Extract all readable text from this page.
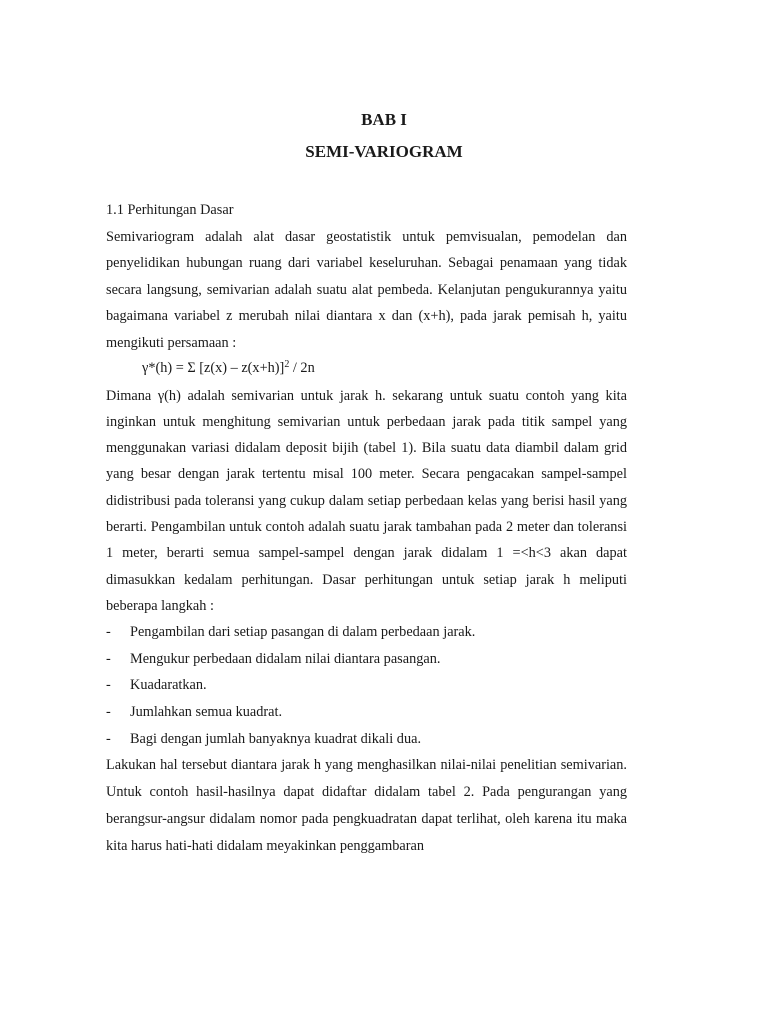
BAB I
SEMI-VARIOGRAM
1.1 Perhitungan Dasar

Semivariogram adalah alat dasar geostatistik untuk pemvisualan, pemodelan dan penyelidikan hubungan ruang dari variabel keseluruhan. Sebagai penamaan yang tidak secara langsung, semivarian adalah suatu alat pembeda. Kelanjutan pengukurannya yaitu bagaimana variabel z merubah nilai diantara x dan (x+h), pada jarak pemisah h, yaitu mengikuti persamaan :

γ*(h) = Σ $[z(x) - z(x+h)]^2 / 2n$

Dimana γ(h) adalah semivarian untuk jarak h. sekarang untuk suatu contoh yang kita inginkan untuk menghitung semivarian untuk perbedaan jarak pada titik sampel yang menggunakan variasi didalam deposit bijih (tabel 1). Bila suatu data diambil dalam grid yang besar dengan jarak tertentu misal 100 meter. Secara pengacakan sampel-sampel didistribusi pada toleransi yang cukup dalam setiap perbedaan kelas yang berisi hasil yang berarti. Pengambilan untuk contoh adalah suatu jarak tambahan pada 2 meter dan toleransi 1 meter, berarti semua sampel-sampel dengan jarak didalam 1 =<h<3 akan dapat dimasukkan kedalam perhitungan. Dasar perhitungan untuk setiap jarak h meliputi beberapa langkah :

- Pengambilan dari setiap pasangan di dalam perbedaan jarak.
- Mengukur perbedaan didalam nilai diantara pasangan.
- Kuadaratkan.
- Jumlahkan semua kuadrat.
- Bagi dengan jumlah banyaknya kuadrat dikali dua.

Lakukan hal tersebut diantara jarak h yang menghasilkan nilai-nilai penelitian semivarian. Untuk contoh hasil-hasilnya dapat didaftar didalam tabel 2. Pada pengurangan yang berangsur-angsur didalam nomor pada pengkuadratan dapat terlihat, oleh karena itu maka kita harus hati-hati didalam meyakinkan penggambaran
